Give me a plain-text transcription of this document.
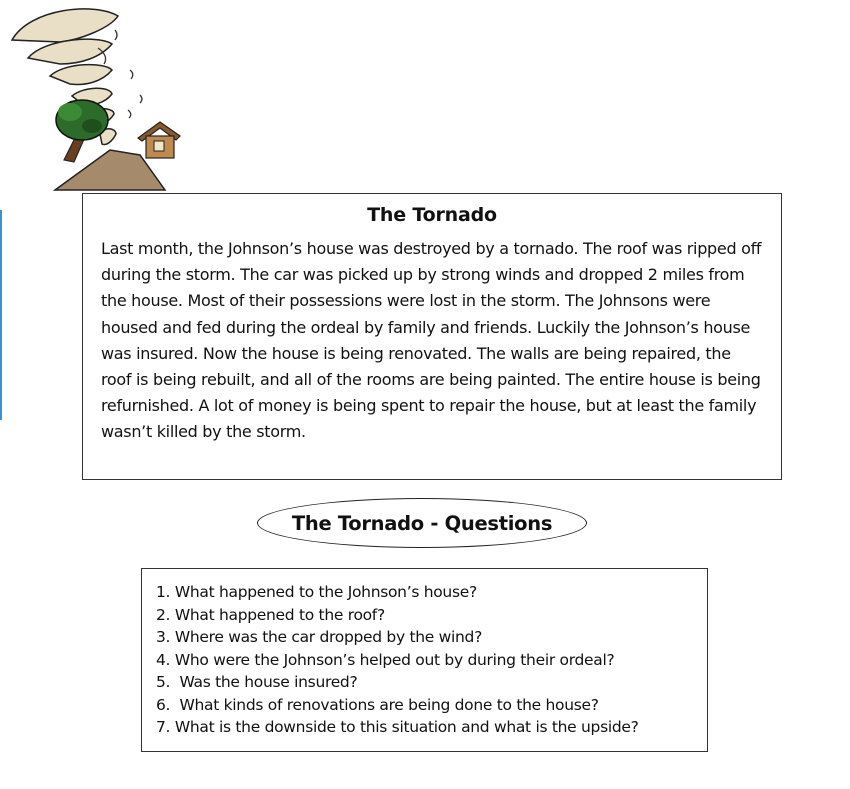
The Tornado

Last month, the Johnson’s house was destroyed by a tornado. The roof was ripped off during the storm. The car was picked up by strong winds and dropped 2 miles from the house. Most of their possessions were lost in the storm. The Johnsons were housed and fed during the ordeal by family and friends. Luckily the Johnson’s house was insured. Now the house is being renovated. The walls are being repaired, the roof is being rebuilt, and all of the rooms are being painted. The entire house is being refurnished. A lot of money is being spent to repair the house, but at least the family wasn’t killed by the storm.

The Tornado - Questions
1. What happened to the Johnson’s house?
2. What happened to the roof?
3. Where was the car dropped by the wind?
4. Who were the Johnson’s helped out by during their ordeal?
5. Was the house insured?
6. What kinds of renovations are being done to the house?
7. What is the downside to this situation and what is the upside?
